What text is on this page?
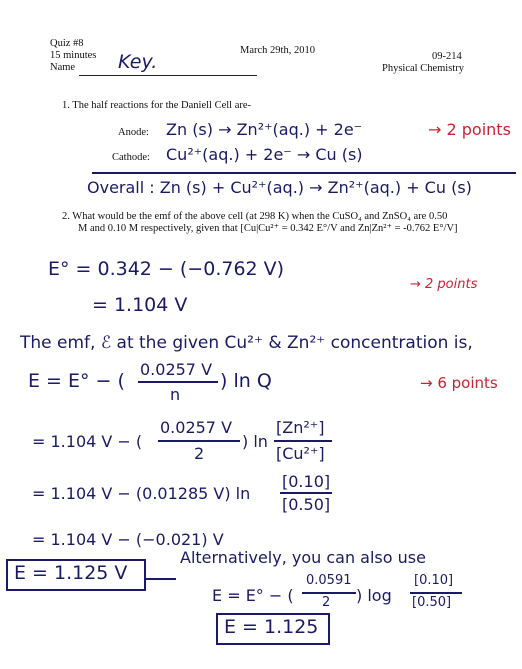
Quiz #8
15 minutes
Name Key.
March 29th, 2010
09-214
Physical Chemistry
1. The half reactions for the Daniell Cell are-
Anode: Zn (s) → Zn²⁺(aq.) + 2e⁻	→ 2 points
Cathode: Cu²⁺(aq.) + 2e⁻ → Cu (s)
Overall : Zn (s) + Cu²⁺(aq.) → Zn²⁺(aq.) + Cu (s)
2. What would be the emf of the above cell (at 298 K) when the CuSO₄ and ZnSO₄ are 0.50
M and 0.10 M respectively, given that [Cu|Cu²⁺ = 0.342 E°/V and Zn|Zn²⁺ = -0.762 E°/V]
E° = 0.342 − (−0.762 V)
→ 2 points
= 1.104 V
The emf, ℰ at the given Cu²⁺ & Zn²⁺ concentration is,
E = E° − (
0.0257 V
n
) ln Q	→ 6 points
= 1.104 V − (
0.0257 V
2
) ln
[Zn²⁺]
[Cu²⁺]
= 1.104 V − (0.01285 V) ln
[0.10]
[0.50]
= 1.104 V − (−0.021) V
E = 1.125 V
Alternatively, you can also use
E = E° − (
0.0591
2 ) log
[0.10]
[0.50]
E = 1.125
